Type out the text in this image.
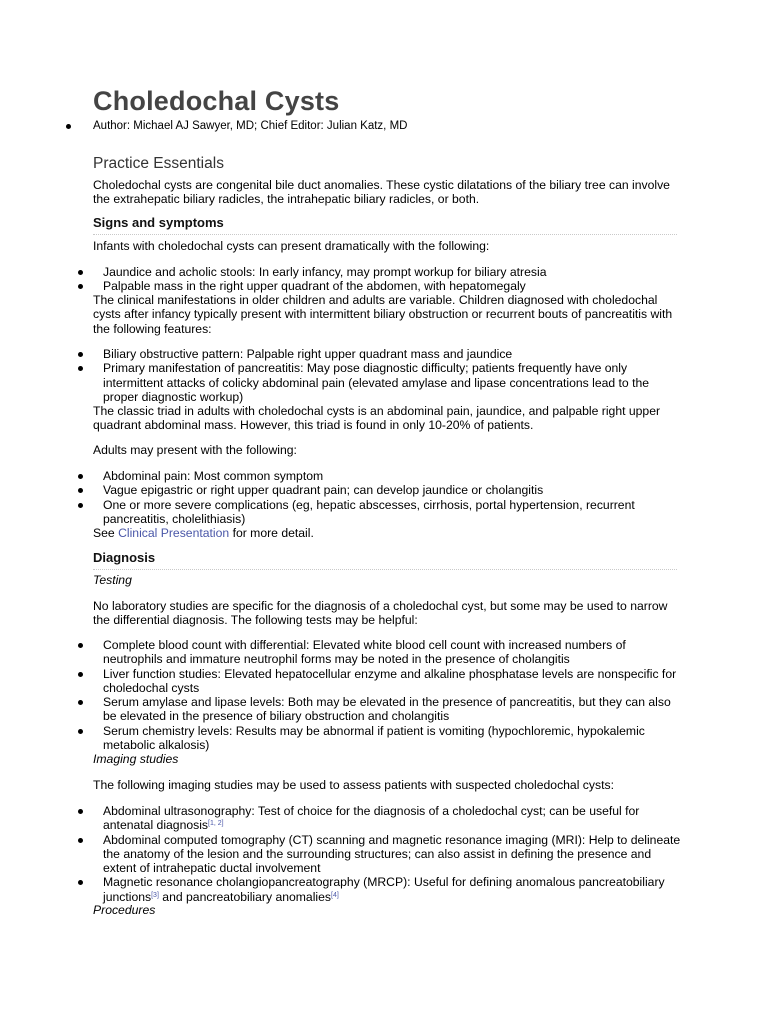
Choledochal Cysts
Author: Michael AJ Sawyer, MD; Chief Editor: Julian Katz, MD
Practice Essentials

Choledochal cysts are congenital bile duct anomalies. These cystic dilatations of the biliary tree can involve the extrahepatic biliary radicles, the intrahepatic biliary radicles, or both.

Signs and symptoms

Infants with choledochal cysts can present dramatically with the following:

Jaundice and acholic stools: In early infancy, may prompt workup for biliary atresia
Palpable mass in the right upper quadrant of the abdomen, with hepatomegaly

The clinical manifestations in older children and adults are variable. Children diagnosed with choledochal cysts after infancy typically present with intermittent biliary obstruction or recurrent bouts of pancreatitis with the following features:

Biliary obstructive pattern: Palpable right upper quadrant mass and jaundice
Primary manifestation of pancreatitis: May pose diagnostic difficulty; patients frequently have only intermittent attacks of colicky abdominal pain (elevated amylase and lipase concentrations lead to the proper diagnostic workup)

The classic triad in adults with choledochal cysts is an abdominal pain, jaundice, and palpable right upper quadrant abdominal mass. However, this triad is found in only 10-20% of patients.

Adults may present with the following:

Abdominal pain: Most common symptom
Vague epigastric or right upper quadrant pain; can develop jaundice or cholangitis
One or more severe complications (eg, hepatic abscesses, cirrhosis, portal hypertension, recurrent pancreatitis, cholelithiasis)

See Clinical Presentation for more detail.

Diagnosis

Testing

No laboratory studies are specific for the diagnosis of a choledochal cyst, but some may be used to narrow the differential diagnosis. The following tests may be helpful:

Complete blood count with differential: Elevated white blood cell count with increased numbers of neutrophils and immature neutrophil forms may be noted in the presence of cholangitis
Liver function studies: Elevated hepatocellular enzyme and alkaline phosphatase levels are nonspecific for choledochal cysts
Serum amylase and lipase levels: Both may be elevated in the presence of pancreatitis, but they can also be elevated in the presence of biliary obstruction and cholangitis
Serum chemistry levels: Results may be abnormal if patient is vomiting (hypochloremic, hypokalemic metabolic alkalosis)

Imaging studies

The following imaging studies may be used to assess patients with suspected choledochal cysts:

Abdominal ultrasonography: Test of choice for the diagnosis of a choledochal cyst; can be useful for antenatal diagnosis[1, 2]
Abdominal computed tomography (CT) scanning and magnetic resonance imaging (MRI): Help to delineate the anatomy of the lesion and the surrounding structures; can also assist in defining the presence and extent of intrahepatic ductal involvement
Magnetic resonance cholangiopancreatography (MRCP): Useful for defining anomalous pancreatobiliary junctions[3] and pancreatobiliary anomalies[4]

Procedures
